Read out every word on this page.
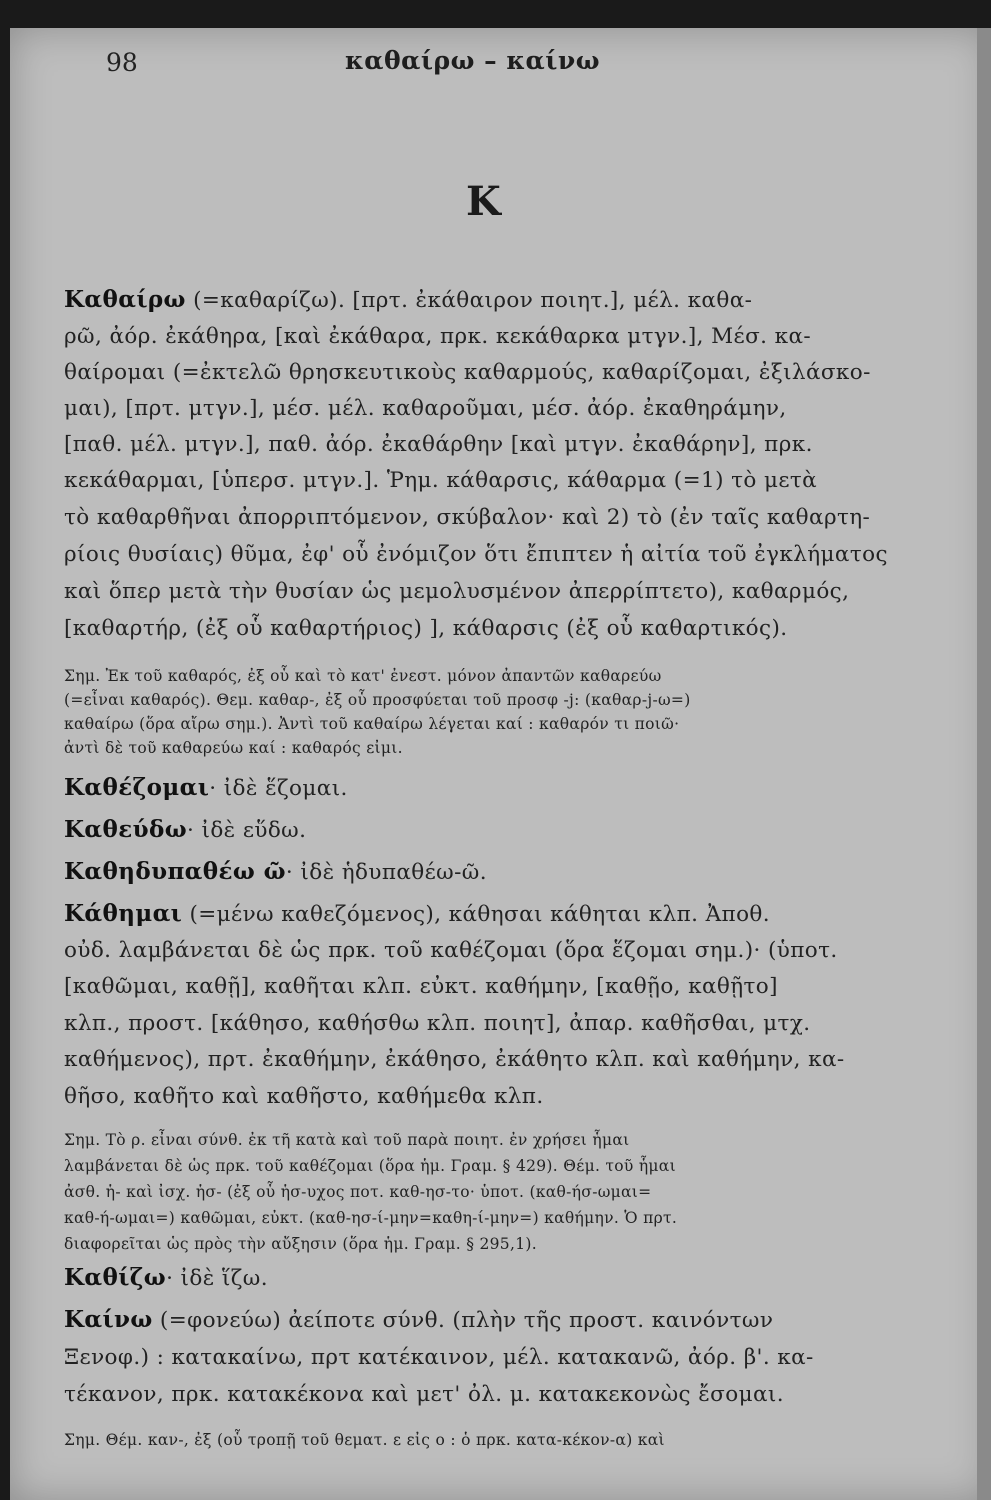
98	καθαίρω – καίνω
Κ
Καθαίρω (=καθαρίζω). [πρτ. ἐκάθαιρον ποιητ.], μέλ. καθα-
ρῶ, ἀόρ. ἐκάθηρα, [καὶ ἐκάθαρα, πρκ. κεκάθαρκα μτγν.], Μέσ. κα-
θαίρομαι (=ἐκτελῶ θρησκευτικοὺς καθαρμούς, καθαρίζομαι, ἐξιλάσκο-
μαι), [πρτ. μτγν.], μέσ. μέλ. καθαροῦμαι, μέσ. ἀόρ. ἐκαθηράμην,
[παθ. μέλ. μτγν.], παθ. ἀόρ. ἐκαθάρθην [καὶ μτγν. ἐκαθάρην], πρκ.
κεκάθαρμαι, [ὑπερσ. μτγν.]. Ῥημ. κάθαρσις, κάθαρμα (=1) τὸ μετὰ
τὸ καθαρθῆναι ἀπορριπτόμενον, σκύβαλον· καὶ 2) τὸ (ἐν ταῖς καθαρτη-
ρίοις θυσίαις) θῦμα, ἐφ' οὗ ἐνόμιζον ὅτι ἔπιπτεν ἡ αἰτία τοῦ ἐγκλήματος
καὶ ὅπερ μετὰ τὴν θυσίαν ὡς μεμολυσμένον ἀπερρίπτετο), καθαρμός,
[καθαρτήρ, (ἐξ οὗ καθαρτήριος) ], κάθαρσις (ἐξ οὗ καθαρτικός).
Σημ. Ἐκ τοῦ καθαρός, ἐξ οὗ καὶ τὸ κατ' ἐνεστ. μόνον ἀπαντῶν καθαρεύω
(=εἶναι καθαρός). Θεμ. καθαρ-, ἐξ οὗ προσφύεται τοῦ προσφ -j: (καθαρ-j-ω=)
καθαίρω (ὅρα αἴρω σημ.). Ἀντὶ τοῦ καθαίρω λέγεται καί : καθαρόν τι ποιῶ·
ἀντὶ δὲ τοῦ καθαρεύω καί : καθαρός εἰμι.
Καθέζομαι· ἰδὲ ἕζομαι.
Καθεύδω· ἰδὲ εὕδω.
Καθηδυπαθέω ῶ· ἰδὲ ἡδυπαθέω-ῶ.
Κάθημαι (=μένω καθεζόμενος), κάθησαι κάθηται κλπ. Ἀποθ.
οὐδ. λαμβάνεται δὲ ὡς πρκ. τοῦ καθέζομαι (ὅρα ἕζομαι σημ.)· (ὑποτ.
[καθῶμαι, καθῇ], καθῆται κλπ. εὐκτ. καθήμην, [καθῇο, καθῇτο]
κλπ., προστ. [κάθησο, καθήσθω κλπ. ποιητ], ἀπαρ. καθῆσθαι, μτχ.
καθήμενος), πρτ. ἐκαθήμην, ἐκάθησο, ἐκάθητο κλπ. καὶ καθήμην, κα-
θῆσο, καθῆτο καὶ καθῆστο, καθήμεθα κλπ.
Σημ. Τὸ ρ. εἶναι σύνθ. ἐκ τῆ κατὰ καὶ τοῦ παρὰ ποιητ. ἐν χρήσει ἧμαι
λαμβάνεται δὲ ὡς πρκ. τοῦ καθέζομαι (ὅρα ἡμ. Γραμ. § 429). Θέμ. τοῦ ἧμαι
ἀσθ. ἡ- καὶ ἰσχ. ἡσ- (ἐξ οὗ ἡσ-υχος ποτ. καθ-ησ-το· ὑποτ. (καθ-ήσ-ωμαι=
καθ-ή-ωμαι=) καθῶμαι, εὐκτ. (καθ-ησ-ί-μην=καθη-ί-μην=) καθήμην. Ὁ πρτ.
διαφορεῖται ὡς πρὸς τὴν αὔξησιν (ὅρα ἡμ. Γραμ. § 295,1).
Καθίζω· ἰδὲ ἵζω.
Καίνω (=φονεύω) ἀείποτε σύνθ. (πλὴν τῆς προστ. καινόντων
Ξενοφ.) : κατακαίνω, πρτ κατέκαινον, μέλ. κατακανῶ, ἀόρ. β'. κα-
τέκανον, πρκ. κατακέκονα καὶ μετ' ὀλ. μ. κατακεκονὼς ἔσομαι.
Σημ. Θέμ. καν-, ἐξ (οὗ τροπῇ τοῦ θεματ. ε εἰς ο : ὁ πρκ. κατα-κέκον-α) καὶ
